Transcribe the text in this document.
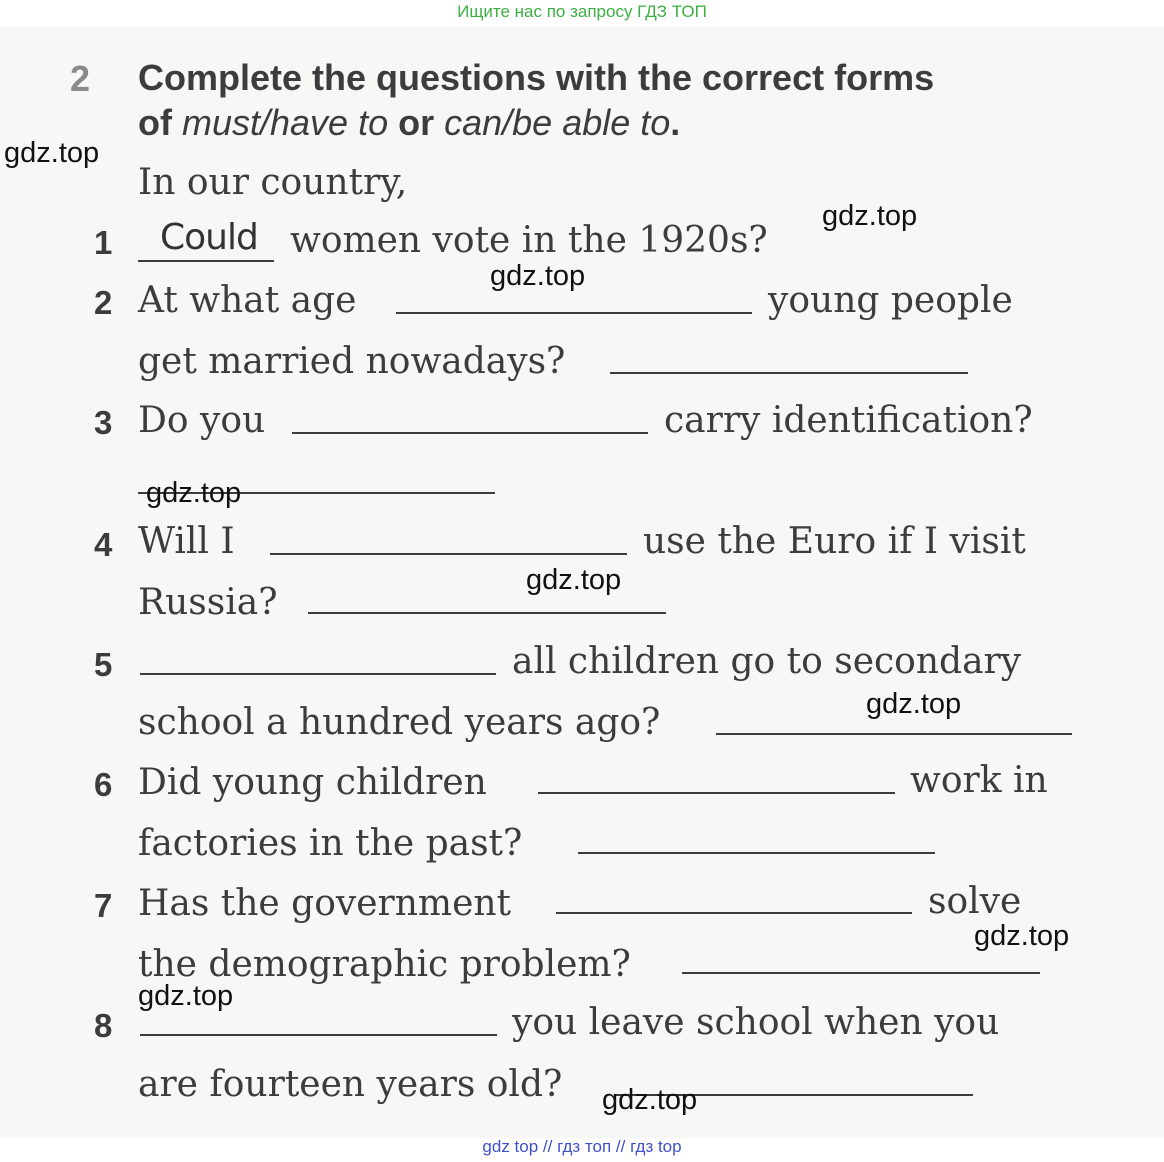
Ищите нас по запросу ГДЗ ТОП
2 Complete the questions with the correct forms
of must/have to or can/be able to.
In our country,
1 Could women vote in the 1920s?
2 At what age	young people
get married nowadays?
3 Do you	carry identification?
4 Will I	use the Euro if I visit
Russia?
5	all children go to secondary
school a hundred years ago?
6 Did young children	work in
factories in the past?
7 Has the government	solve
the demographic problem?
8	you leave school when you
are fourteen years old?
gdz.top
gdz.top
gdz.top
gdz.top
gdz.top
gdz.top
gdz.top
gdz.top
gdz.top
gdz top // гдз топ // гдз top
